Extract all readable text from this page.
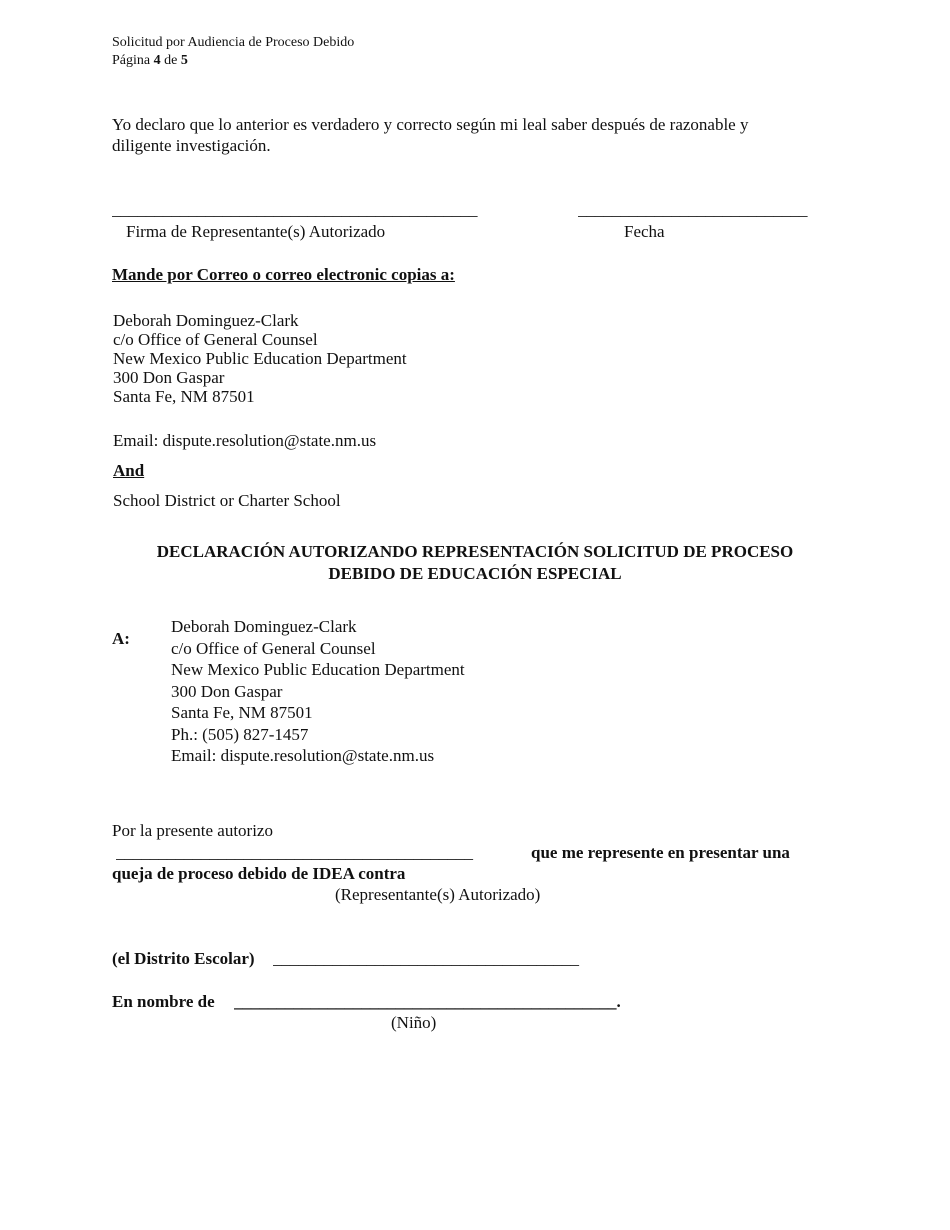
Solicitud por Audiencia de Proceso Debido
Página 4 de 5
Yo declaro que lo anterior es verdadero y correcto según mi leal saber después de razonable y
diligente investigación.
___________________________________________	___________________________
Firma de Representante(s) Autorizado	Fecha
Mande por Correo o correo electronic copias a:
Deborah Dominguez-Clark
c/o Office of General Counsel
New Mexico Public Education Department
300 Don Gaspar
Santa Fe, NM 87501
Email: dispute.resolution@state.nm.us
And
School District or Charter School
DECLARACIÓN AUTORIZANDO REPRESENTACIÓN SOLICITUD DE PROCESO
DEBIDO DE EDUCACIÓN ESPECIAL
A:
Deborah Dominguez-Clark
c/o Office of General Counsel
New Mexico Public Education Department
300 Don Gaspar
Santa Fe, NM 87501
Ph.: (505) 827-1457
Email: dispute.resolution@state.nm.us
Por la presente autorizo
__________________________________________	que me represente en presentar una
queja de proceso debido de IDEA contra
(Representante(s) Autorizado)
(el Distrito Escolar) ____________________________________
En nombre de _____________________________________________.
(Niño)
